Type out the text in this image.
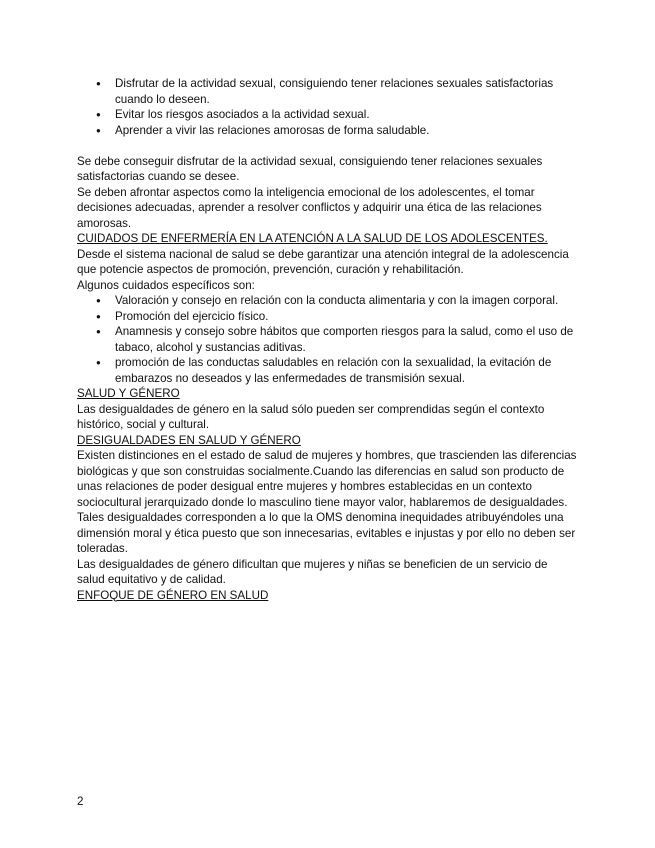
● Disfrutar de la actividad sexual, consiguiendo tener relaciones sexuales satisfactorias cuando lo deseen.
● Evitar los riesgos asociados a la actividad sexual.
● Aprender a vivir las relaciones amorosas de forma saludable.

Se debe conseguir disfrutar de la actividad sexual, consiguiendo tener relaciones sexuales satisfactorias cuando se desee.

Se deben afrontar aspectos como la inteligencia emocional de los adolescentes, el tomar decisiones adecuadas, aprender a resolver conflictos y adquirir una ética de las relaciones amorosas.

CUIDADOS DE ENFERMERÍA EN LA ATENCIÓN A LA SALUD DE LOS ADOLESCENTES.

Desde el sistema nacional de salud se debe garantizar una atención integral de la adolescencia que potencie aspectos de promoción, prevención, curación y rehabilitación.

Algunos cuidados específicos son:

● Valoración y consejo en relación con la conducta alimentaria y con la imagen corporal.
● Promoción del ejercicio físico.
● Anamnesis y consejo sobre hábitos que comporten riesgos para la salud, como el uso de tabaco, alcohol y sustancias aditivas.
● promoción de las conductas saludables en relación con la sexualidad, la evitación de embarazos no deseados y las enfermedades de transmisión sexual.

SALUD Y GÉNERO

Las desigualdades de género en la salud sólo pueden ser comprendidas según el contexto histórico, social y cultural.

DESIGUALDADES EN SALUD Y GÉNERO

Existen distinciones en el estado de salud de mujeres y hombres, que trascienden las diferencias biológicas y que son construidas socialmente.Cuando las diferencias en salud son producto de unas relaciones de poder desigual entre mujeres y hombres establecidas en un contexto sociocultural jerarquizado donde lo masculino tiene mayor valor, hablaremos de desigualdades. Tales desigualdades corresponden a lo que la OMS denomina inequidades atribuyéndoles una dimensión moral y ética puesto que son innecesarias, evitables e injustas y por ello no deben ser toleradas.

Las desigualdades de género dificultan que mujeres y niñas se beneficien de un servicio de salud equitativo y de calidad.

ENFOQUE DE GÉNERO EN SALUD

2
